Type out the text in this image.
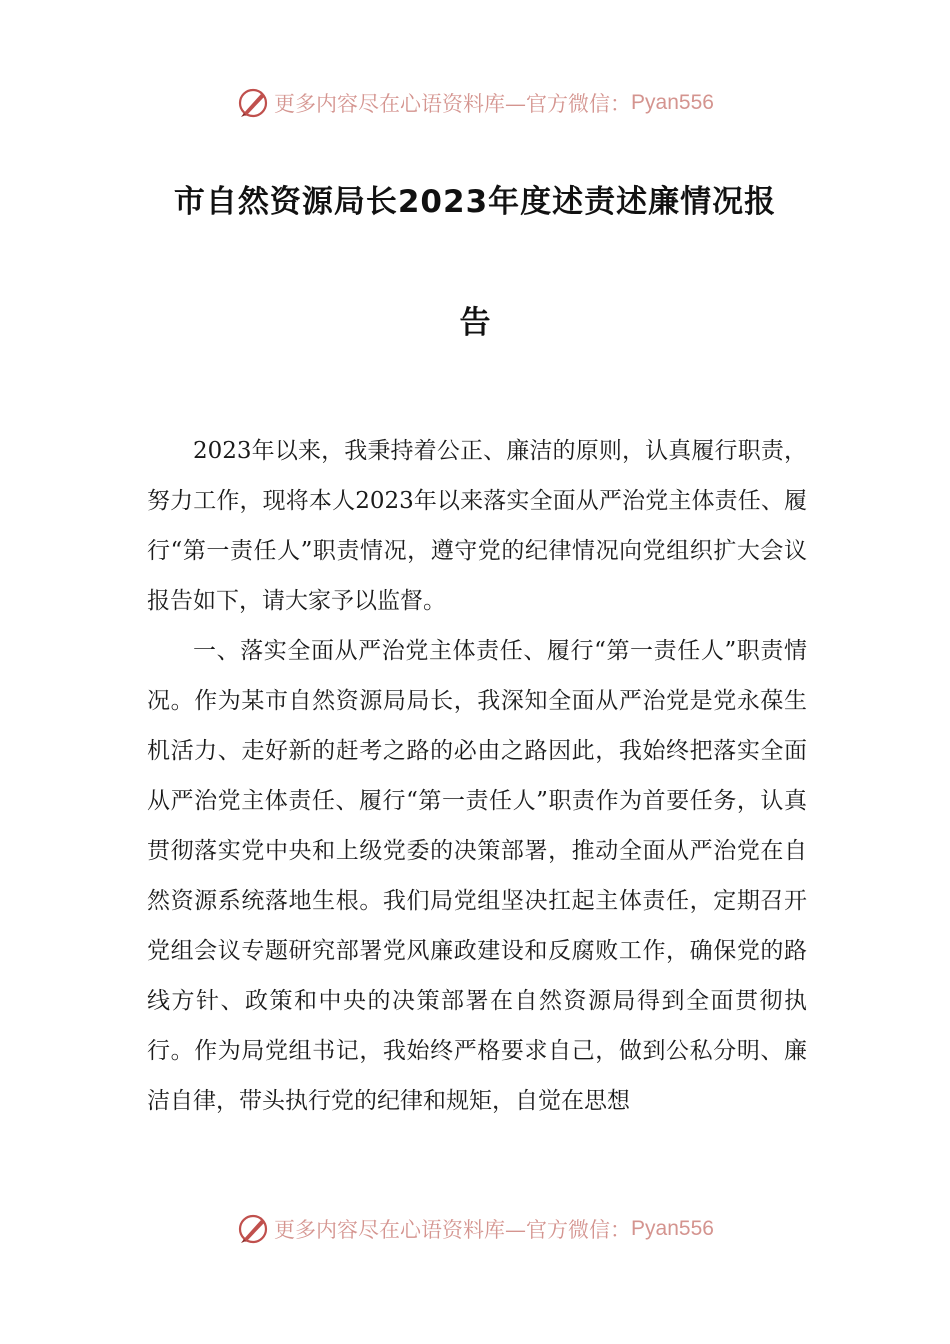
更多内容尽在心语资料库—官方微信： Pyan556
市自然资源局长2023年度述责述廉情况报
告

2023年以来，我秉持着公正、廉洁的原则，认真履行职责，努力工作，现将本人2023年以来落实全面从严治党主体责任、履行“第一责任人”职责情况，遵守党的纪律情况向党组织扩大会议报告如下，请大家予以监督。

一、落实全面从严治党主体责任、履行“第一责任人”职责情况。作为某市自然资源局局长，我深知全面从严治党是党永葆生机活力、走好新的赶考之路的必由之路因此，我始终把落实全面从严治党主体责任、履行“第一责任人”职责作为首要任务，认真贯彻落实党中央和上级党委的决策部署，推动全面从严治党在自然资源系统落地生根。我们局党组坚决扛起主体责任，定期召开党组会议专题研究部署党风廉政建设和反腐败工作，确保党的路线方针、政策和中央的决策部署在自然资源局得到全面贯彻执行。作为局党组书记，我始终严格要求自己，做到公私分明、廉洁自律，带头执行党的纪律和规矩，自觉在思想

更多内容尽在心语资料库—官方微信： Pyan556
